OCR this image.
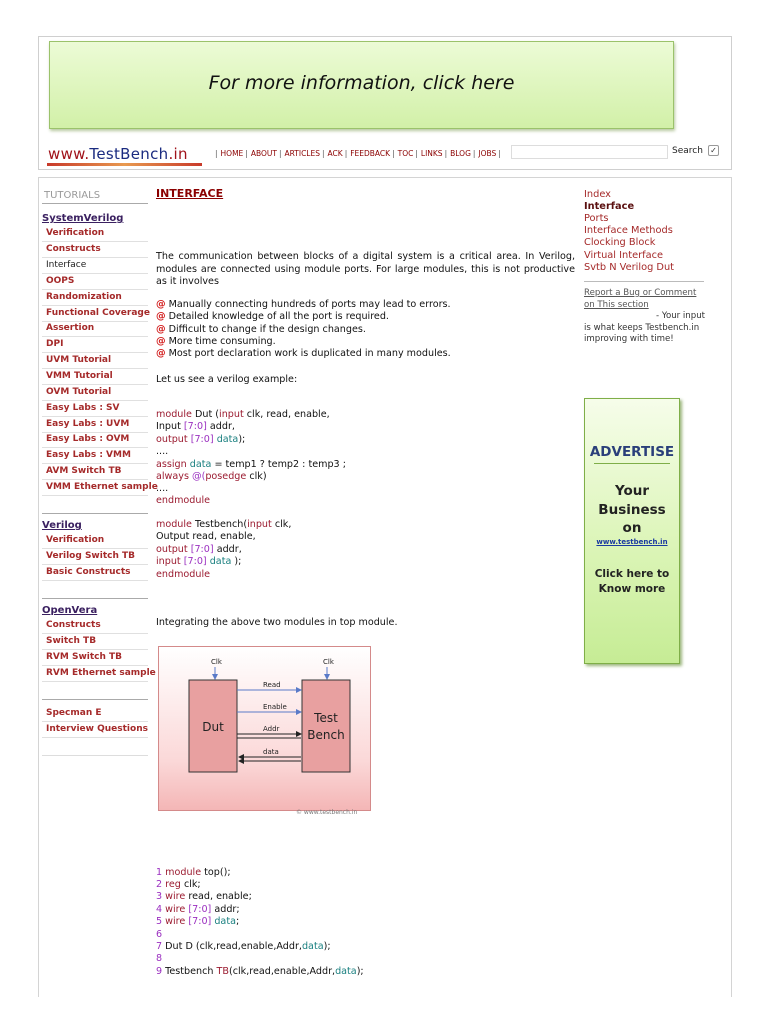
For more information, click here
www.TestBench.in	| HOME | ABOUT | ARTICLES | ACK | FEEDBACK | TOC | LINKS | BLOG | JOBS |	Search ✓
TUTORIALS
SystemVerilog
Verification
Constructs
Interface
OOPS
Randomization
Functional Coverage
Assertion
DPI
UVM Tutorial
VMM Tutorial
OVM Tutorial
Easy Labs : SV
Easy Labs : UVM
Easy Labs : OVM
Easy Labs : VMM
AVM Switch TB
VMM Ethernet sample
Verilog
Verification
Verilog Switch TB
Basic Constructs
OpenVera
Constructs
Switch TB
RVM Switch TB
RVM Ethernet sample
Specman E
Interview Questions
INTERFACE
The communication between blocks of a digital system is a critical area. In Verilog, modules are connected using module ports. For large modules, this is not productive as it involves
@ Manually connecting hundreds of ports may lead to errors.
@ Detailed knowledge of all the port is required.
@ Difficult to change if the design changes.
@ More time consuming.
@ Most port declaration work is duplicated in many modules.
Let us see a verilog example:
module Dut (input clk, read, enable,
Input [7:0] addr,
output [7:0] data);
....
assign data = temp1 ? temp2 : temp3 ;
always @(posedge clk)
....
endmodule
module Testbench(input clk,
Output read, enable,
output [7:0] addr,
input [7:0] data );
endmodule
Integrating the above two modules in top module.
Clk	Clk
Dut
Test
Bench
Read
Enable
Addr
data
© www.testbench.in
1 module top();
2 reg clk;
3 wire read, enable;
4 wire [7:0] addr;
5 wire [7:0] data;
6
7 Dut D (clk,read,enable,Addr,data);
8
9 Testbench TB(clk,read,enable,Addr,data);
Index
Interface
Ports
Interface Methods
Clocking Block
Virtual Interface
Svtb N Verilog Dut
Report a Bug or Comment on This section
- Your input is what keeps Testbench.in improving with time!
ADVERTISE
Your
Business
on
www.testbench.in
Click here to
Know more
